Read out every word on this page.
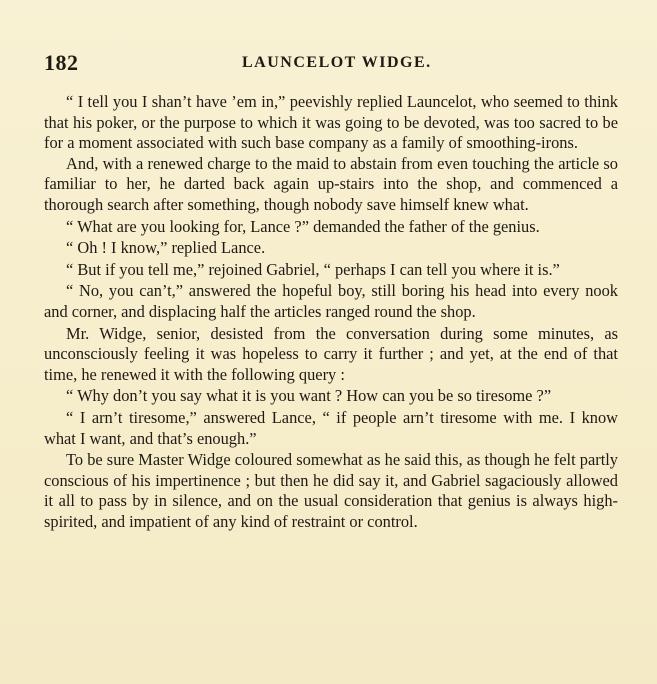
182	LAUNCELOT WIDGE.

“ I tell you I shan’t have ’em in,” peevishly replied Launcelot, who seemed to think that his poker, or the purpose to which it was going to be devoted, was too sacred to be for a moment associated with such base company as a family of smoothing-irons.

And, with a renewed charge to the maid to abstain from even touching the article so familiar to her, he darted back again up-stairs into the shop, and commenced a thorough search after something, though nobody save himself knew what.

“ What are you looking for, Lance ?” demanded the father of the genius.

“ Oh ! I know,” replied Lance.

“ But if you tell me,” rejoined Gabriel, “ perhaps I can tell you where it is.”

“ No, you can’t,” answered the hopeful boy, still boring his head into every nook and corner, and displacing half the articles ranged round the shop.

Mr. Widge, senior, desisted from the conversation during some minutes, as unconsciously feeling it was hopeless to carry it further ; and yet, at the end of that time, he renewed it with the following query :

“ Why don’t you say what it is you want ? How can you be so tiresome ?”

“ I arn’t tiresome,” answered Lance, “ if people arn’t tiresome with me. I know what I want, and that’s enough.”

To be sure Master Widge coloured somewhat as he said this, as though he felt partly conscious of his impertinence ; but then he did say it, and Gabriel sagaciously allowed it all to pass by in silence, and on the usual consideration that genius is always high-spirited, and impatient of any kind of restraint or control.
